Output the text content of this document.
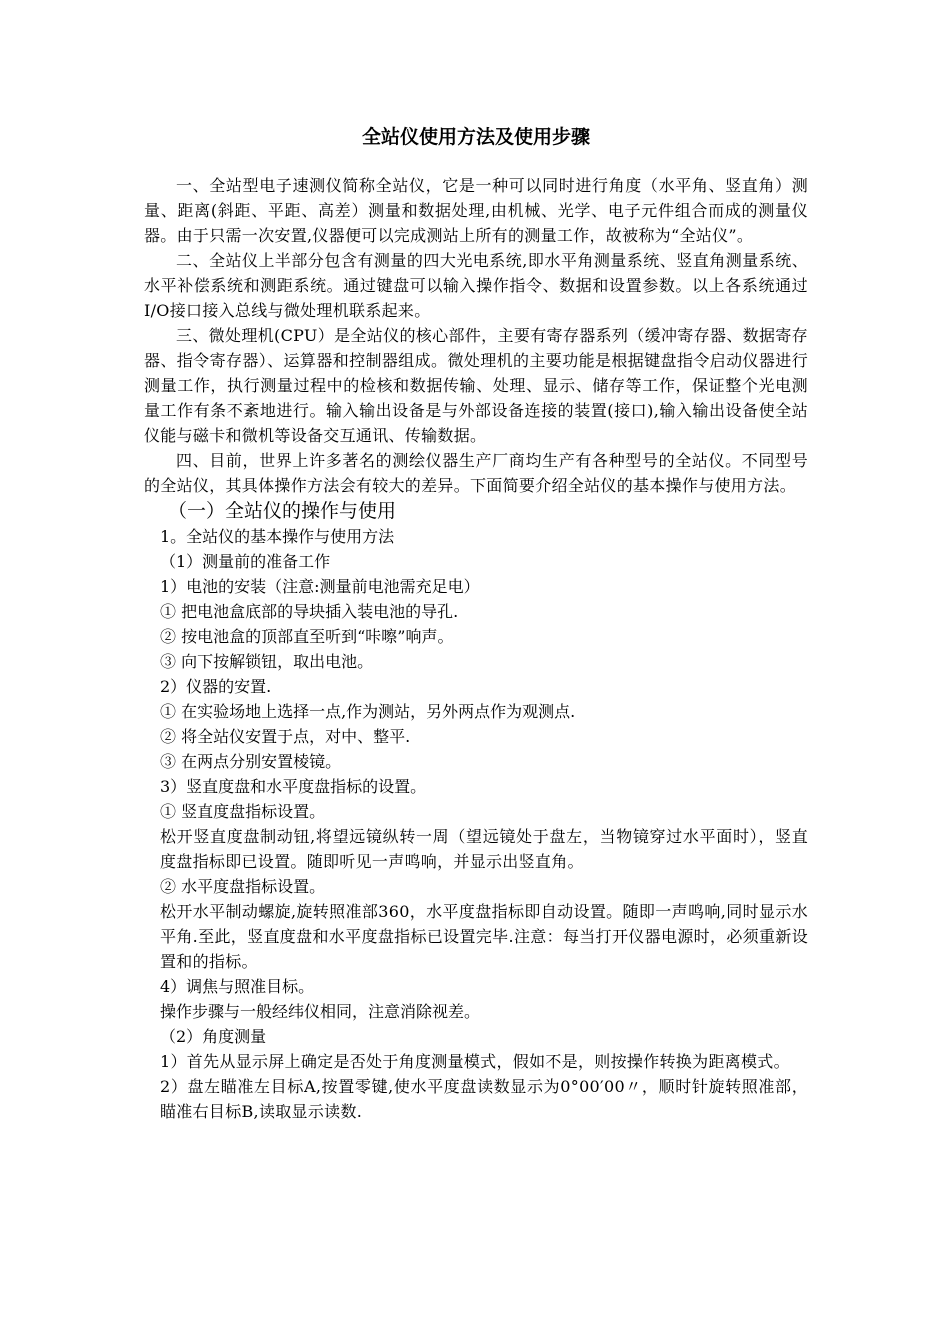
全站仪使用方法及使用步骤

一、全站型电子速测仪简称全站仪，它是一种可以同时进行角度（水平角、竖直角）测量、距离(斜距、平距、高差）测量和数据处理,由机械、光学、电子元件组合而成的测量仪器。由于只需一次安置,仪器便可以完成测站上所有的测量工作，故被称为“全站仪”。

二、全站仪上半部分包含有测量的四大光电系统,即水平角测量系统、竖直角测量系统、水平补偿系统和测距系统。通过键盘可以输入操作指令、数据和设置参数。以上各系统通过I/O接口接入总线与微处理机联系起来。

三、微处理机(CPU）是全站仪的核心部件，主要有寄存器系列（缓冲寄存器、数据寄存器、指令寄存器）、运算器和控制器组成。微处理机的主要功能是根据键盘指令启动仪器进行测量工作，执行测量过程中的检核和数据传输、处理、显示、储存等工作，保证整个光电测量工作有条不紊地进行。输入输出设备是与外部设备连接的装置(接口),输入输出设备使全站仪能与磁卡和微机等设备交互通讯、传输数据。

四、目前，世界上许多著名的测绘仪器生产厂商均生产有各种型号的全站仪。不同型号的全站仪，其具体操作方法会有较大的差异。下面简要介绍全站仪的基本操作与使用方法。

（一）全站仪的操作与使用

1。全站仪的基本操作与使用方法

（1）测量前的准备工作

1）电池的安装（注意:测量前电池需充足电）

① 把电池盒底部的导块插入装电池的导孔.

② 按电池盒的顶部直至听到“咔嚓”响声。

③ 向下按解锁钮，取出电池。

2）仪器的安置.

① 在实验场地上选择一点,作为测站，另外两点作为观测点.

② 将全站仪安置于点，对中、整平.

③ 在两点分别安置棱镜。

3）竖直度盘和水平度盘指标的设置。

① 竖直度盘指标设置。

松开竖直度盘制动钮,将望远镜纵转一周（望远镜处于盘左，当物镜穿过水平面时），竖直度盘指标即已设置。随即听见一声鸣响，并显示出竖直角。

② 水平度盘指标设置。

松开水平制动螺旋,旋转照准部360，水平度盘指标即自动设置。随即一声鸣响,同时显示水平角.至此，竖直度盘和水平度盘指标已设置完毕.注意：每当打开仪器电源时，必须重新设置和的指标。

4）调焦与照准目标。

操作步骤与一般经纬仪相同，注意消除视差。

（2）角度测量

1）首先从显示屏上确定是否处于角度测量模式，假如不是，则按操作转换为距离模式。

2）盘左瞄准左目标A,按置零键,使水平度盘读数显示为0°00′00〃，顺时针旋转照准部，瞄准右目标B,读取显示读数.
